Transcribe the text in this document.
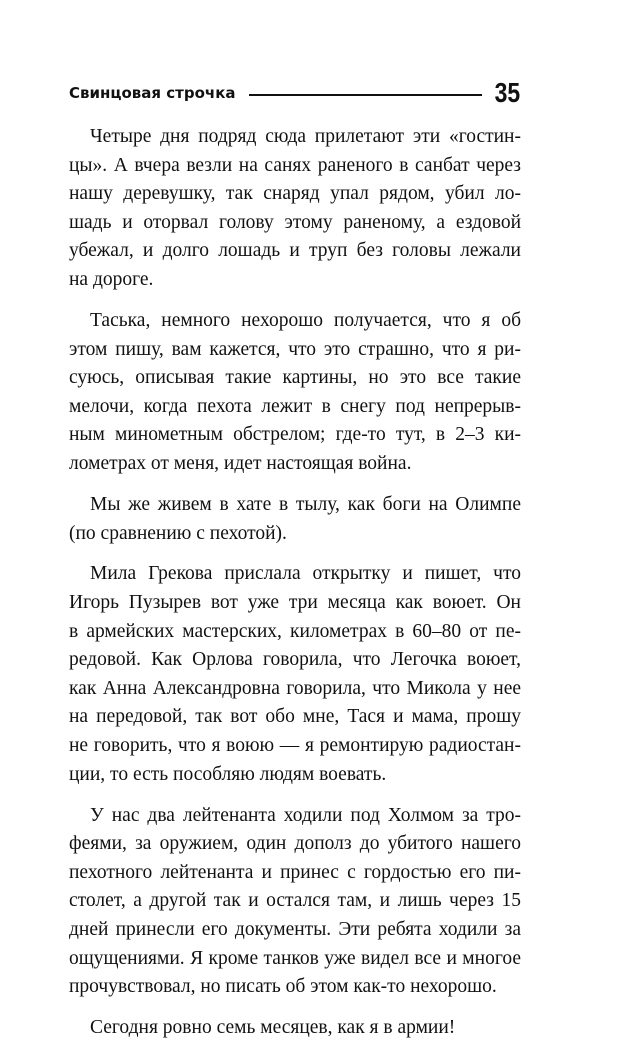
Свинцовая строчка	35

Четыре дня подряд сюда прилетают эти «гостин-
цы». А вчера везли на санях раненого в санбат через
нашу деревушку, так снаряд упал рядом, убил ло-
шадь и оторвал голову этому раненому, а ездовой
убежал, и долго лошадь и труп без головы лежали
на дороге.

Таська, немного нехорошо получается, что я об
этом пишу, вам кажется, что это страшно, что я ри-
суюсь, описывая такие картины, но это все такие
мелочи, когда пехота лежит в снегу под непрерыв-
ным минометным обстрелом; где-то тут, в 2–3 ки-
лометрах от меня, идет настоящая война.

Мы же живем в хате в тылу, как боги на Олимпе
(по сравнению с пехотой).

Мила Грекова прислала открытку и пишет, что
Игорь Пузырев вот уже три месяца как воюет. Он
в армейских мастерских, километрах в 60–80 от пе-
редовой. Как Орлова говорила, что Легочка воюет,
как Анна Александровна говорила, что Микола у нее
на передовой, так вот обо мне, Тася и мама, прошу
не говорить, что я воюю — я ремонтирую радиостан-
ции, то есть пособляю людям воевать.

У нас два лейтенанта ходили под Холмом за тро-
феями, за оружием, один дополз до убитого нашего
пехотного лейтенанта и принес с гордостью его пи-
столет, а другой так и остался там, и лишь через 15
дней принесли его документы. Эти ребята ходили за
ощущениями. Я кроме танков уже видел все и многое
прочувствовал, но писать об этом как-то нехорошо.

Сегодня ровно семь месяцев, как я в армии!
